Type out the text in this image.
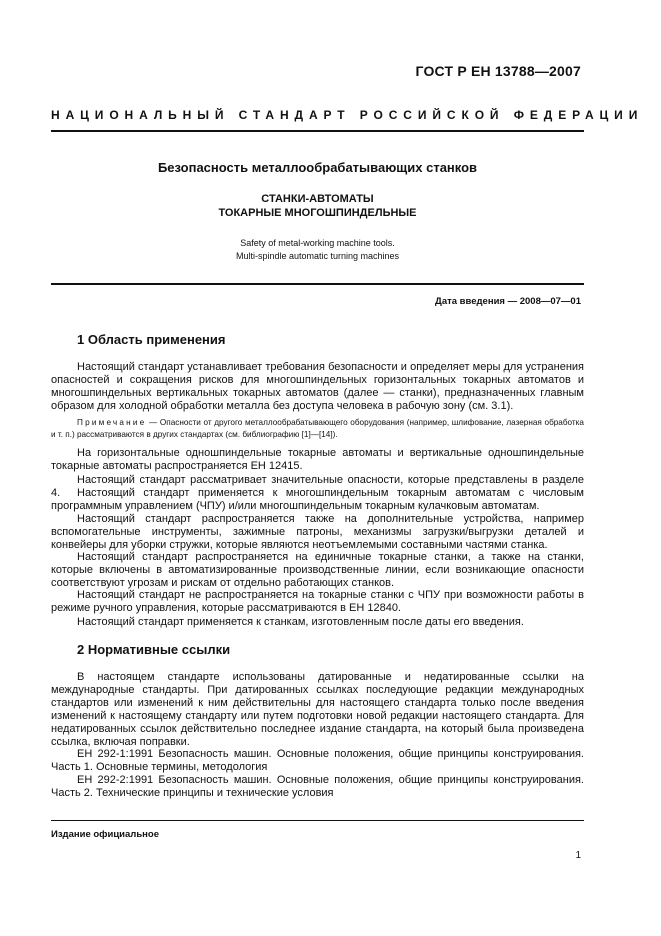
ГОСТ Р ЕН 13788—2007
НАЦИОНАЛЬНЫЙ СТАНДАРТ РОССИЙСКОЙ ФЕДЕРАЦИИ
Безопасность металлообрабатывающих станков
СТАНКИ-АВТОМАТЫ
ТОКАРНЫЕ МНОГОШПИНДЕЛЬНЫЕ
Safety of metal-working machine tools.
Multi-spindle automatic turning machines
Дата введения — 2008—07—01
1 Область применения
Настоящий стандарт устанавливает требования безопасности и определяет меры для устранения опасностей и сокращения рисков для многошпиндельных горизонтальных токарных автоматов и многошпиндельных вертикальных токарных автоматов (далее — станки), предназначенных главным образом для холодной обработки металла без доступа человека в рабочую зону (см. 3.1).
Примечание — Опасности от другого металлообрабатывающего оборудования (например, шлифование, лазерная обработка и т. п.) рассматриваются в других стандартах (см. библиографию [1]—[14]).
На горизонтальные одношпиндельные токарные автоматы и вертикальные одношпиндельные токарные автоматы распространяется ЕН 12415.
Настоящий стандарт рассматривает значительные опасности, которые представлены в разделе 4.	Настоящий стандарт применяется к многошпиндельным токарным автоматам с числовым программным управлением (ЧПУ) и/или многошпиндельным токарным кулачковым автоматам.
Настоящий стандарт распространяется также на дополнительные устройства, например вспомогательные инструменты, зажимные патроны, механизмы загрузки/выгрузки деталей и конвейеры для уборки стружки, которые являются неотъемлемыми составными частями станка.
Настоящий стандарт распространяется на единичные токарные станки, а также на станки, которые включены в автоматизированные производственные линии, если возникающие опасности соответствуют угрозам и рискам от отдельно работающих станков.
Настоящий стандарт не распространяется на токарные станки с ЧПУ при возможности работы в режиме ручного управления, которые рассматриваются в ЕН 12840.
Настоящий стандарт применяется к станкам, изготовленным после даты его введения.
2 Нормативные ссылки
В настоящем стандарте использованы датированные и недатированные ссылки на международные стандарты. При датированных ссылках последующие редакции международных стандартов или изменений к ним действительны для настоящего стандарта только после введения изменений к настоящему стандарту или путем подготовки новой редакции настоящего стандарта. Для недатированных ссылок действительно последнее издание стандарта, на который была произведена ссылка, включая поправки.
ЕН 292-1:1991 Безопасность машин. Основные положения, общие принципы конструирования. Часть 1. Основные термины, методология
ЕН 292-2:1991 Безопасность машин. Основные положения, общие принципы конструирования. Часть 2. Технические принципы и технические условия
Издание официальное
1
